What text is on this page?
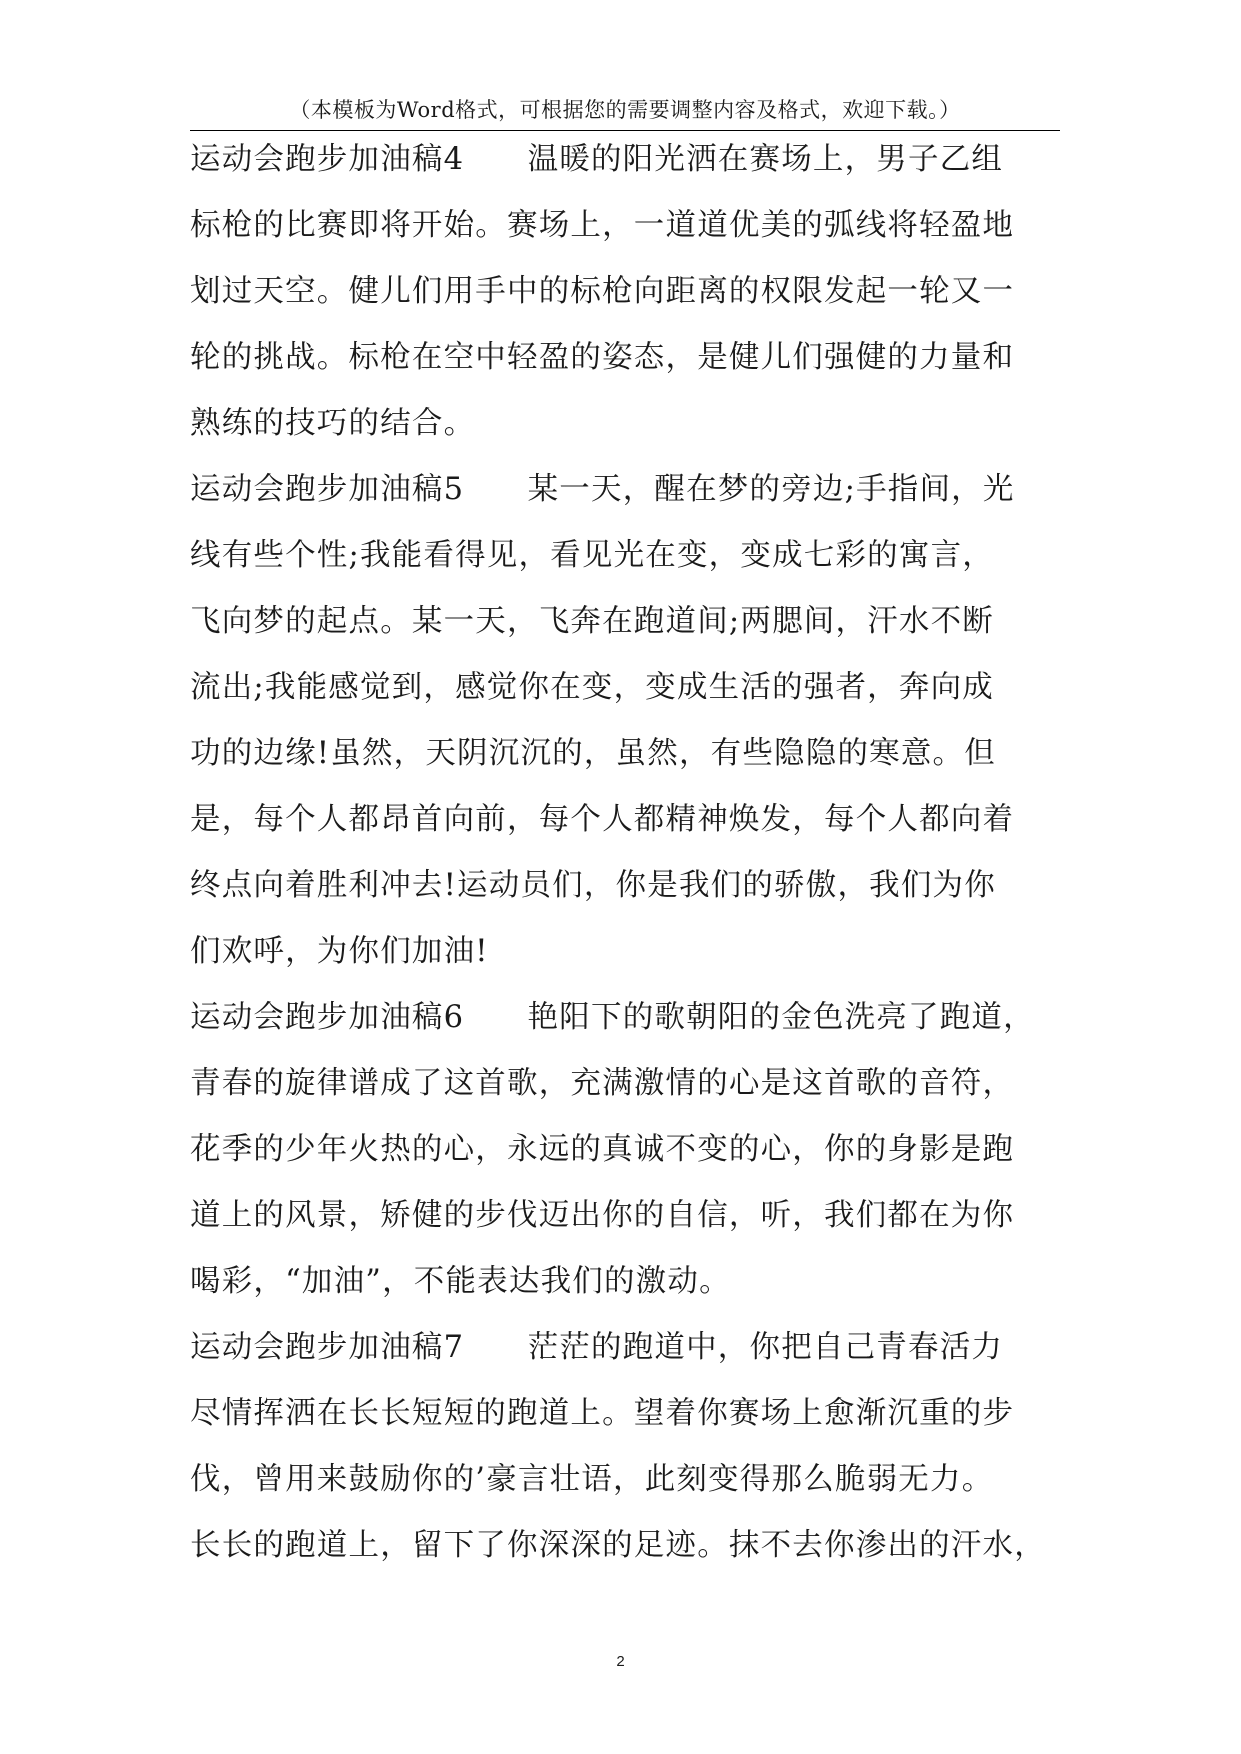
（本模板为Word格式，可根据您的需要调整内容及格式，欢迎下载。）
运动会跑步加油稿4　　温暖的阳光洒在赛场上，男子乙组
标枪的比赛即将开始。赛场上，一道道优美的弧线将轻盈地
划过天空。健儿们用手中的标枪向距离的权限发起一轮又一
轮的挑战。标枪在空中轻盈的姿态，是健儿们强健的力量和
熟练的技巧的结合。
运动会跑步加油稿5　　某一天，醒在梦的旁边;手指间，光
线有些个性;我能看得见，看见光在变，变成七彩的寓言，
飞向梦的起点。某一天，飞奔在跑道间;两腮间，汗水不断
流出;我能感觉到，感觉你在变，变成生活的强者，奔向成
功的边缘!虽然，天阴沉沉的，虽然，有些隐隐的寒意。但
是，每个人都昂首向前，每个人都精神焕发，每个人都向着
终点向着胜利冲去!运动员们，你是我们的骄傲，我们为你
们欢呼，为你们加油!
运动会跑步加油稿6　　艳阳下的歌朝阳的金色洗亮了跑道，
青春的旋律谱成了这首歌，充满激情的心是这首歌的音符，
花季的少年火热的心，永远的真诚不变的心，你的身影是跑
道上的风景，矫健的步伐迈出你的自信，听，我们都在为你
喝彩，“加油”，不能表达我们的激动。
运动会跑步加油稿7　　茫茫的跑道中，你把自己青春活力
尽情挥洒在长长短短的跑道上。望着你赛场上愈渐沉重的步
伐，曾用来鼓励你的’豪言壮语，此刻变得那么脆弱无力。
长长的跑道上，留下了你深深的足迹。抹不去你渗出的汗水，
2
